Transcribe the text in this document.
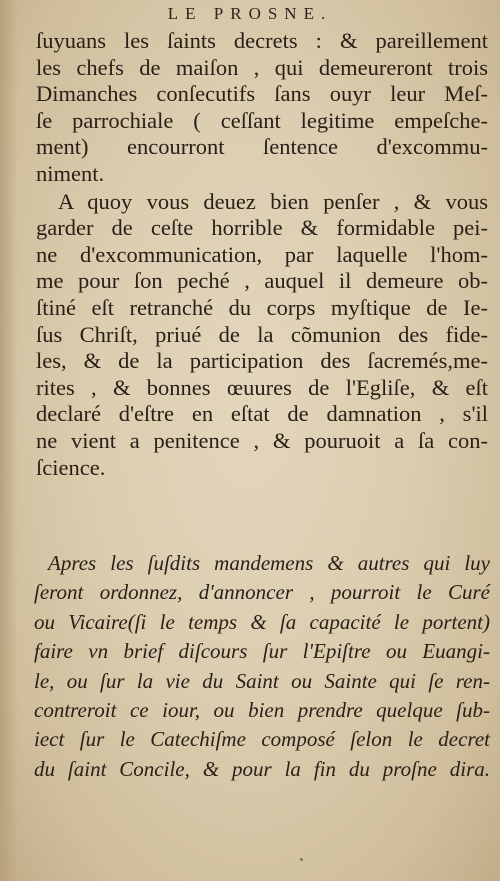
LE PROSNE.
ſuyuans les ſaints decrets : & pareillement
les chefs de maiſon , qui demeureront trois
Dimanches conſecutifs ſans ouyr leur Meſ-
ſe parrochiale ( ceſſant legitime empeſche-
ment) encourront ſentence d'excommu-
niment.
A quoy vous deuez bien penſer , & vous
garder de ceſte horrible & formidable pei-
ne d'excommunication, par laquelle l'hom-
me pour ſon peché , auquel il demeure ob-
ſtiné eſt retranché du corps myſtique de Ie-
ſus Chriſt, priué de la cõmunion des fide-
les, & de la participation des ſacremés,me-
rites , & bonnes œuures de l'Egliſe, & eſt
declaré d'eſtre en eſtat de damnation , s'il
ne vient a penitence , & pouruoit a ſa con-
ſcience.
Apres les ſuſdits mandemens & autres qui luy
ſeront ordonnez, d'annoncer , pourroit le Curé
ou Vicaire(ſi le temps & ſa capacité le portent)
faire vn brief diſcours ſur l'Epiſtre ou Euangi-
le, ou ſur la vie du Saint ou Sainte qui ſe ren-
contreroit ce iour, ou bien prendre quelque ſub-
iect ſur le Catechiſme composé ſelon le decret
du ſaint Concile, & pour la fin du proſne dira.
